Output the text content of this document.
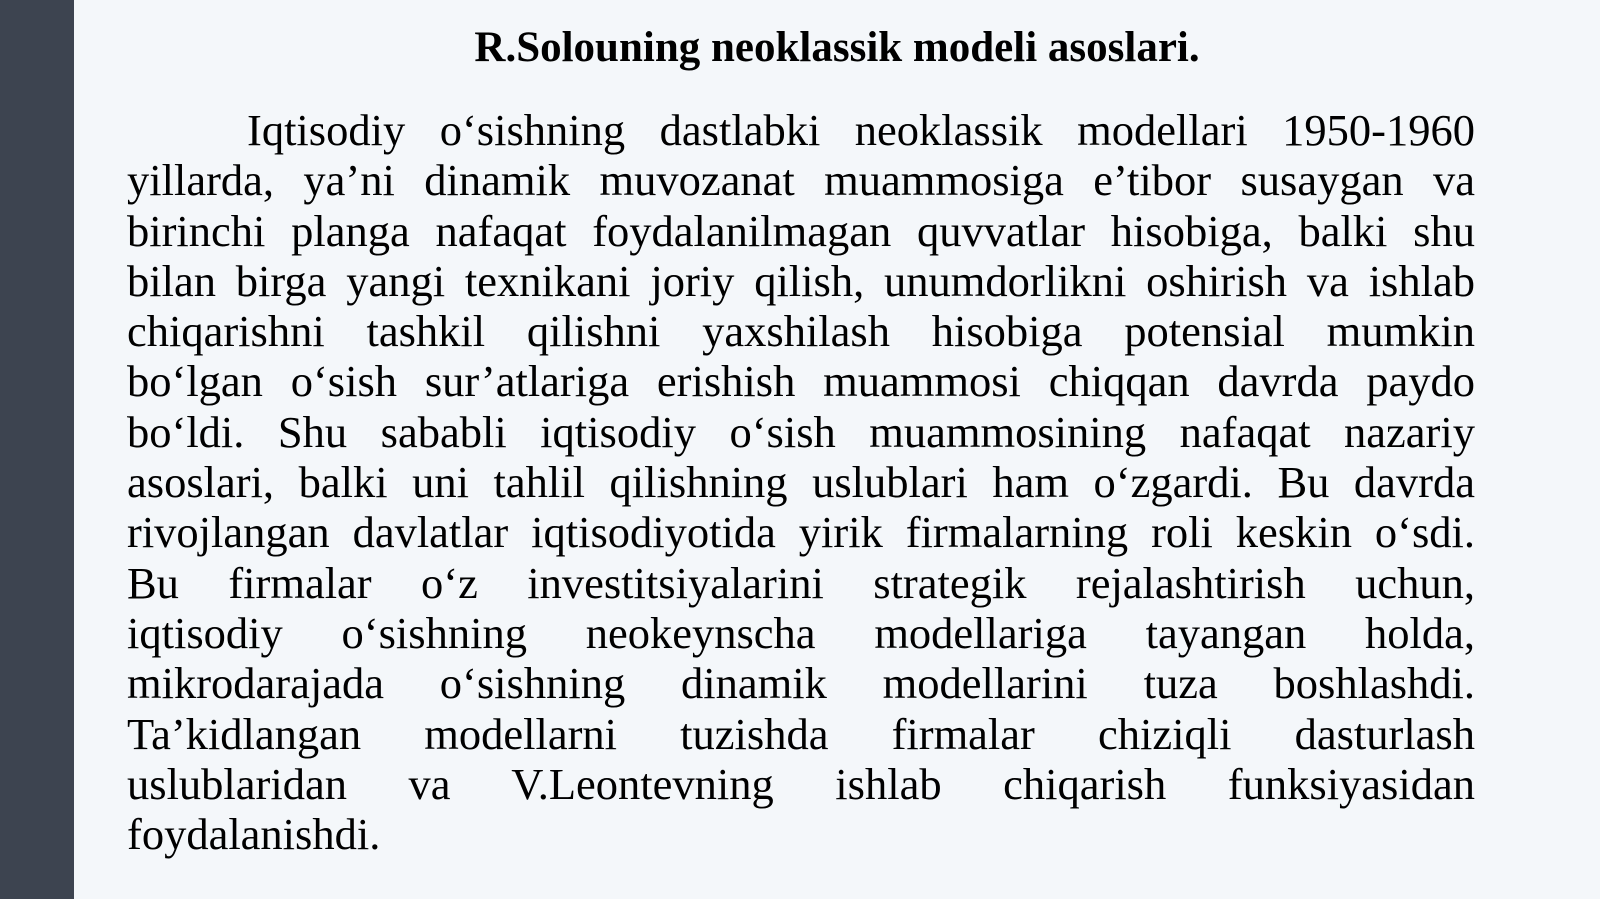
R.Solouning neoklassik modeli asoslari.
Iqtisodiy o‘sishning dastlabki neoklassik modellari 1950-1960
yillarda, ya’ni dinamik muvozanat muammosiga e’tibor susaygan va
birinchi planga nafaqat foydalanilmagan quvvatlar hisobiga, balki shu
bilan birga yangi texnikani joriy qilish, unumdorlikni oshirish va ishlab
chiqarishni tashkil qilishni yaxshilash hisobiga potensial mumkin
bo‘lgan o‘sish sur’atlariga erishish muammosi chiqqan davrda paydo
bo‘ldi. Shu sababli iqtisodiy o‘sish muammosining nafaqat nazariy
asoslari, balki uni tahlil qilishning uslublari ham o‘zgardi. Bu davrda
rivojlangan davlatlar iqtisodiyotida yirik firmalarning roli keskin o‘sdi.
Bu firmalar o‘z investitsiyalarini strategik rejalashtirish uchun,
iqtisodiy o‘sishning neokeynscha modellariga tayangan holda,
mikrodarajada o‘sishning dinamik modellarini tuza boshlashdi.
Ta’kidlangan modellarni tuzishda firmalar chiziqli dasturlash
uslublaridan va V.Leontevning ishlab chiqarish funksiyasidan
foydalanishdi.
